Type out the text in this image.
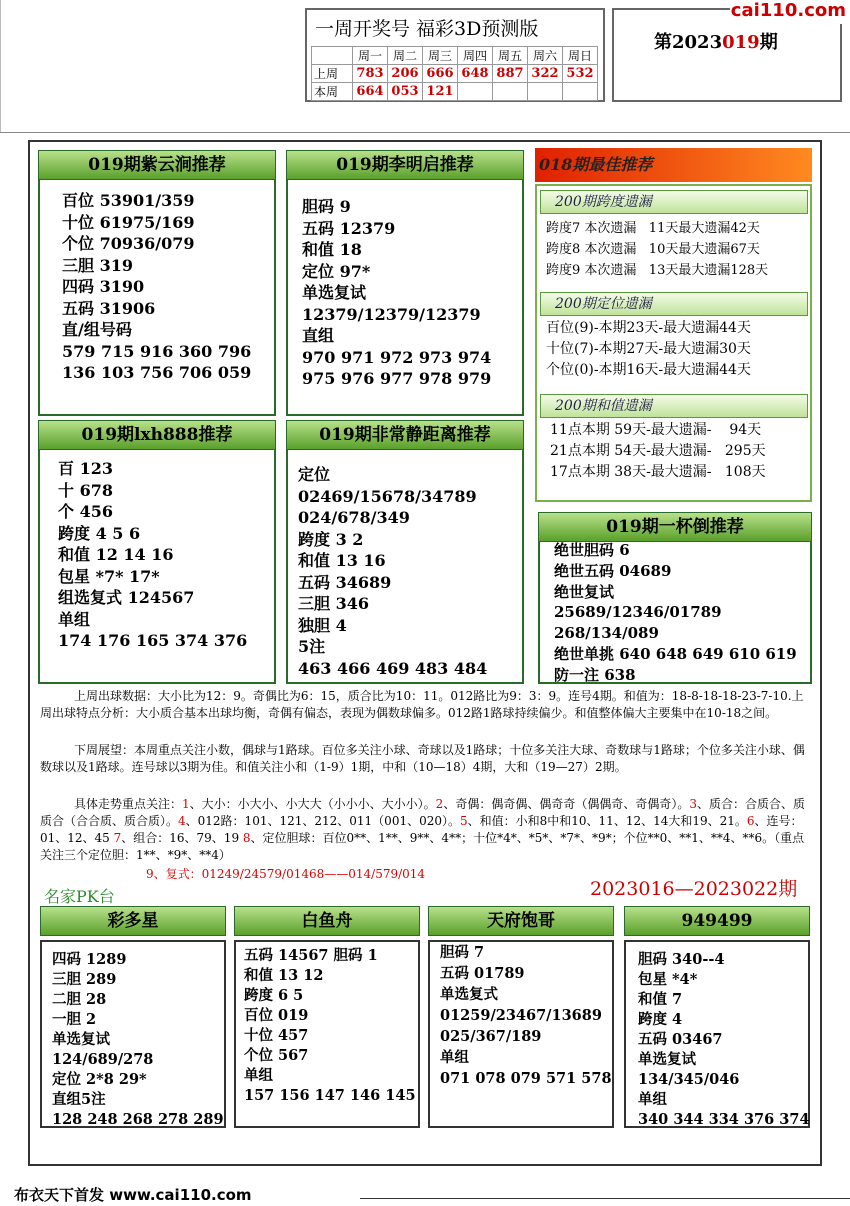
一周开奖号 福彩3D预测版
	周一	周二	周三	周四	周五	周六	周日
上周	783	206	666	648	887	322	532
本周	664	053	121				
第2023019期
cai110.com
019期紫云涧推荐
百位 53901/359
十位 61975/169
个位 70936/079
三胆 319
四码 3190
五码 31906
直/组号码
579 715 916 360 796
136 103 756 706 059
019期李明启推荐
胆码 9
五码 12379
和值 18
定位 97*
单选复试
12379/12379/12379
直组
970 971 972 973 974
975 976 977 978 979
019期lxh888推荐
百 123
十 678
个 456
跨度 4 5 6
和值 12 14 16
包星 *7* 17*
组选复式 124567
单组
174 176 165 374 376
019期非常静距离推荐
定位
02469/15678/34789
024/678/349
跨度 3 2
和值 13 16
五码 34689
三胆 346
独胆 4
5注
463 466 469 483 484
018期最佳推荐
200期跨度遗漏
跨度7 本次遗漏   11天最大遗漏42天
跨度8 本次遗漏   10天最大遗漏67天
跨度9 本次遗漏   13天最大遗漏128天
200期定位遗漏
百位(9)-本期23天-最大遗漏44天
十位(7)-本期27天-最大遗漏30天
个位(0)-本期16天-最大遗漏44天
200期和值遗漏
11点本期 59天-最大遗漏-    94天
21点本期 54天-最大遗漏-   295天
17点本期 38天-最大遗漏-   108天
019期一杯倒推荐
绝世胆码 6
绝世五码 04689
绝世复试
25689/12346/01789
268/134/089
绝世单挑 640 648 649 610 619
防一注 638
上周出球数据：大小比为12：9。奇偶比为6：15，质合比为10：11。012路比为9：3：9。连号4期。和值为：18-8-18-18-23-7-10.上周出球特点分析：大小质合基本出球均衡，奇偶有偏态，表现为偶数球偏多。012路1路球持续偏少。和值整体偏大主要集中在10-18之间。
下周展望：本周重点关注小数，偶球与1路球。百位多关注小球、奇球以及1路球；十位多关注大球、奇数球与1路球；个位多关注小球、偶数球以及1路球。连号球以3期为佳。和值关注小和（1-9）1期，中和（10—18）4期，大和（19—27）2期。
具体走势重点关注：1、大小：小大小、小大大（小小小、大小小）。2、奇偶：偶奇偶、偶奇奇（偶偶奇、奇偶奇）。3、质合：合质合、质质合（合合质、质合质）。4、012路：101、121、212、011（001、020）。5、和值：小和8中和10、11、12、14大和19、21。6、连号：01、12、45 7、组合：16、79、19 8、定位胆球：百位0**、1**、9**、4**；十位*4*、*5*、*7*、*9*；个位**0、**1、**4、**6。（重点关注三个定位胆：1**、*9*、**4）
9、复式：01249/24579/01468——014/579/014
名家PK台	2023016—2023022期
彩多星
四码 1289
三胆 289
二胆 28
一胆 2
单选复试
124/689/278
定位 2*8 29*
直组5注
128 248 268 278 289
白鱼舟
五码 14567 胆码 1
和值 13 12
跨度 6 5
百位 019
十位 457
个位 567
单组
157 156 147 146 145
天府饱哥
胆码 7
五码 01789
单选复式
01259/23467/13689
025/367/189
单组
071 078 079 571 578
949499
胆码 340--4
包星 *4*
和值 7
跨度 4
五码 03467
单选复试
134/345/046
单组
340 344 334 376 374
布衣天下首发 www.cai110.com
